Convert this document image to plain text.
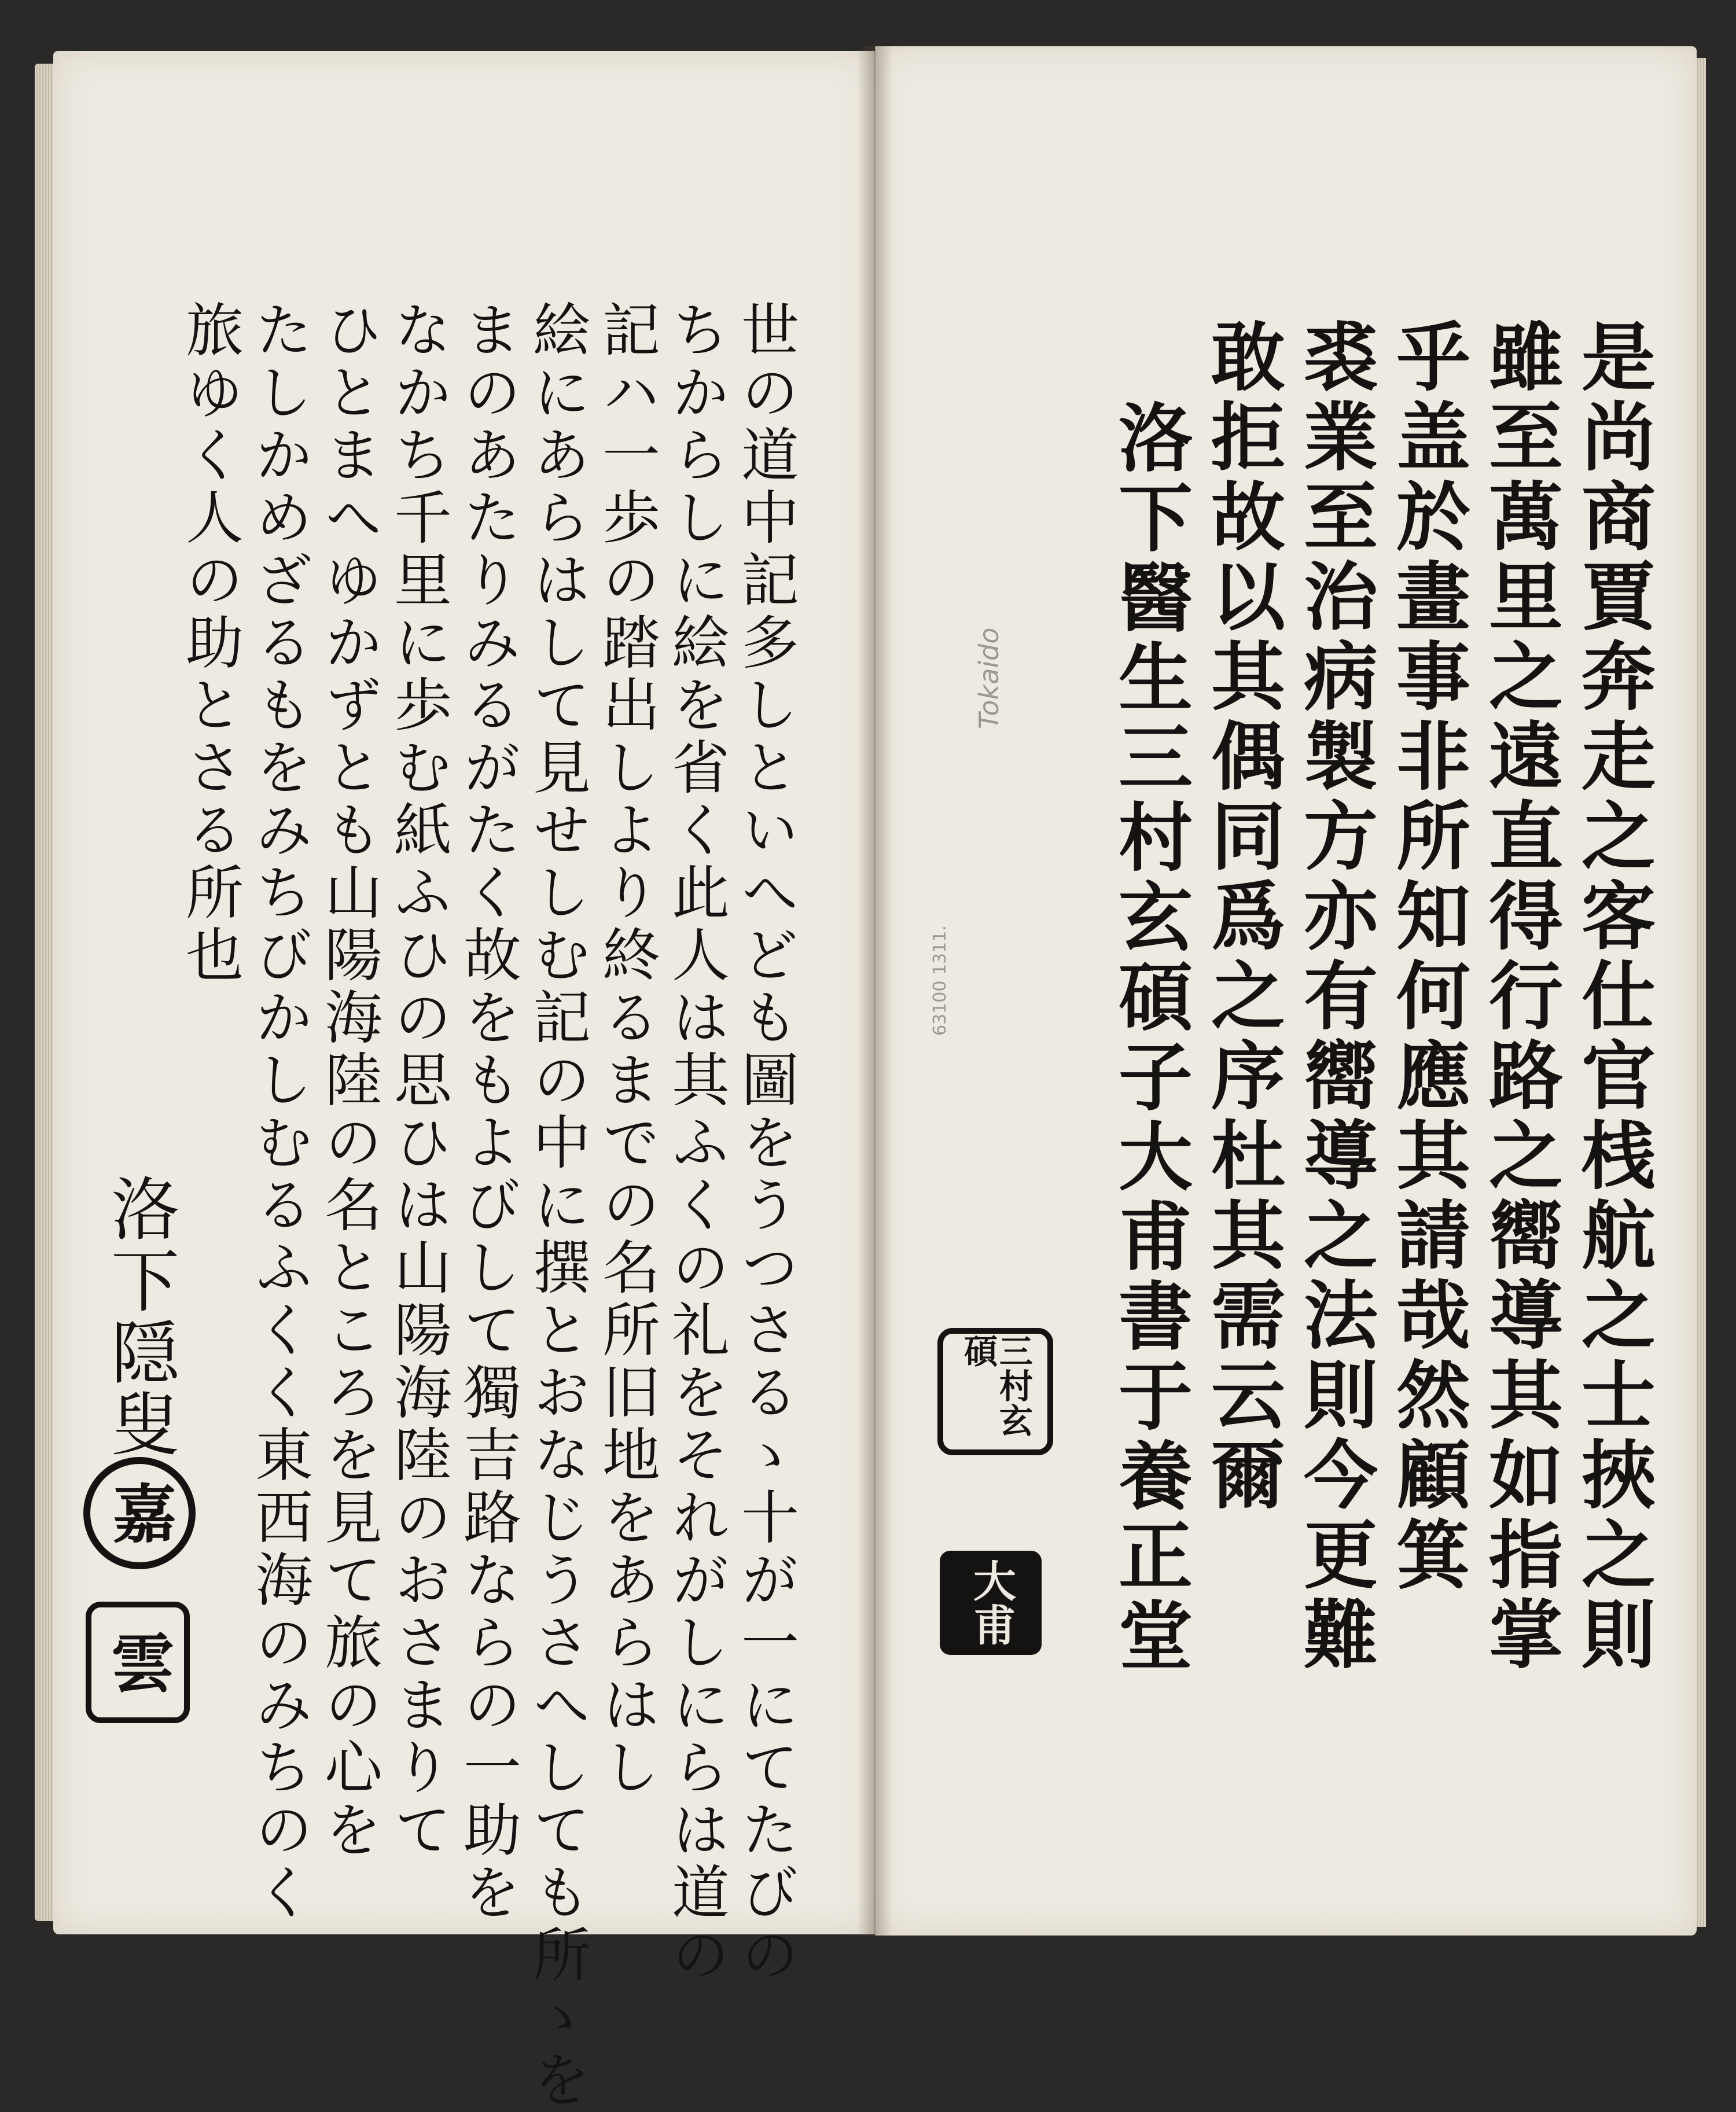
世の道中記多しといへども圖をうつさるゝ十が一にてたびの
ちからしに絵を省く此人は其ふくの礼をそれがしにらは道の
記ハ一歩の踏出しより終るまでの名所旧地をあらはし
絵にあらはして見せしむ記の中に撰とおなじうさへしても所ゝを
まのあたりみるがたく故をもよびして獨吉路ならの一助を
なかち千里に歩む紙ふひの思ひは山陽海陸のおさまりて
ひとまへゆかずとも山陽海陸の名ところを見て旅の心を
たしかめざるもをみちびかしむるふくく東西海のみちのく
旅ゆく人の助とさる所也
洛下隠叟
嘉
雲	是尚商賈奔走之客仕官桟航之士挾之則
雖至萬里之遠直得行路之嚮導其如指掌
乎盖於畫事非所知何應其請哉然顧箕
裘業至治病製方亦有嚮導之法則今更難
敢拒故以其偶同爲之序杜其需云爾
洛下醫生三村玄碩子大甫書于養正堂
三村玄碩
大甫
Tokaido
63100 1311.
